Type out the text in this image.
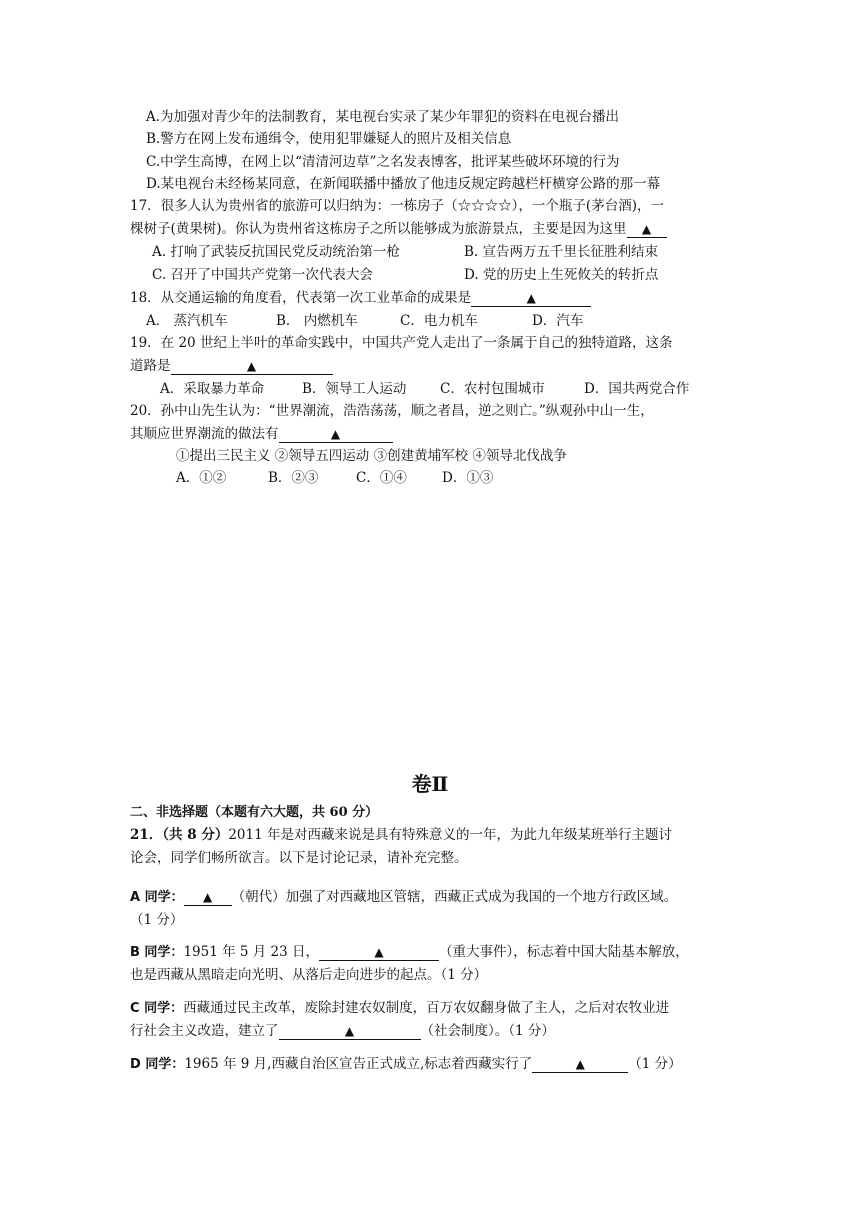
A.为加强对青少年的法制教育，某电视台实录了某少年罪犯的资料在电视台播出
B.警方在网上发布通缉令，使用犯罪嫌疑人的照片及相关信息
C.中学生高博，在网上以“清清河边草”之名发表博客，批评某些破坏环境的行为
D.某电视台未经杨某同意，在新闻联播中播放了他违反规定跨越栏杆横穿公路的那一幕
17．很多人认为贵州省的旅游可以归纳为：一栋房子（☆☆☆☆），一个瓶子(茅台酒)，一
棵树子(黄果树)。你认为贵州省这栋房子之所以能够成为旅游景点，主要是因为这里 ▲
A. 打响了武装反抗国民党反动统治第一枪	B. 宣告两万五千里长征胜利结束
C. 召开了中国共产党第一次代表大会	D. 党的历史上生死攸关的转折点
18．从交通运输的角度看，代表第一次工业革命的成果是	▲
A． 蒸汽机车	B． 内燃机车	C．电力机车	D．汽车
19．在 20 世纪上半叶的革命实践中，中国共产党人走出了一条属于自己的独特道路，这条
道路是	▲
A．采取暴力革命	B．领导工人运动 C．农村包围城市	D．国共两党合作
20．孙中山先生认为：“世界潮流，浩浩荡荡，顺之者昌，逆之则亡。”纵观孙中山一生，
其顺应世界潮流的做法有	▲
①提出三民主义 ②领导五四运动 ③创建黄埔军校 ④领导北伐战争
A．①②	B．②③	C．①④	D．①③
卷Ⅱ
二、非选择题（本题有六大题，共 60 分）
21．（共 8 分）2011 年是对西藏来说是具有特殊意义的一年，为此九年级某班举行主题讨
论会，同学们畅所欲言。以下是讨论记录，请补充完整。
A 同学： ▲ （朝代）加强了对西藏地区管辖，西藏正式成为我国的一个地方行政区域。
（1 分）
B 同学：1951 年 5 月 23 日，	▲	（重大事件），标志着中国大陆基本解放，
也是西藏从黑暗走向光明、从落后走向进步的起点。（1 分）
C 同学：西藏通过民主改革，废除封建农奴制度，百万农奴翻身做了主人，之后对农牧业进
行社会主义改造，建立了	▲	（社会制度）。（1 分）
D 同学：1965 年 9 月,西藏自治区宣告正式成立,标志着西藏实行了	▲	（1 分）
